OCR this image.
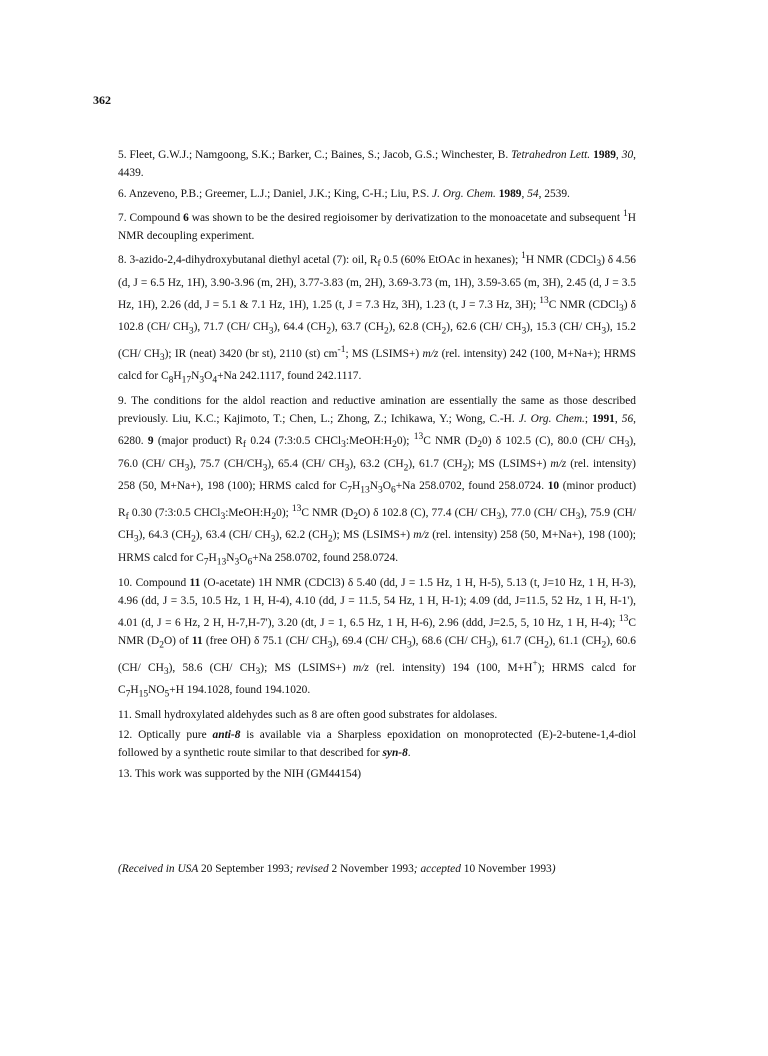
362

5. Fleet, G.W.J.; Namgoong, S.K.; Barker, C.; Baines, S.; Jacob, G.S.; Winchester, B. Tetrahedron Lett. 1989, 30, 4439.

6. Anzeveno, P.B.; Greemer, L.J.; Daniel, J.K.; King, C-H.; Liu, P.S. J. Org. Chem. 1989, 54, 2539.

7. Compound 6 was shown to be the desired regioisomer by derivatization to the monoacetate and subsequent $^1$H NMR decoupling experiment.

8. 3-azido-2,4-dihydroxybutanal diethyl acetal (7): oil, $R_f$ 0.5 (60% EtOAc in hexanes); $^1$H NMR (CDCl$_3$) δ 4.56 (d, J = 6.5 Hz, 1H), 3.90-3.96 (m, 2H), 3.77-3.83 (m, 2H), 3.69-3.73 (m, 1H), 3.59-3.65 (m, 3H), 2.45 (d, J = 3.5 Hz, 1H), 2.26 (dd, J = 5.1 & 7.1 Hz, 1H), 1.25 (t, J = 7.3 Hz, 3H), 1.23 (t, J = 7.3 Hz, 3H); $^{13}$C NMR (CDCl$_3$) δ 102.8 (CH/ $CH_3$), 71.7 (CH/ $CH_3$), 64.4 $(CH_2)$, 63.7 $(CH_2)$, 62.8 $(CH_2)$, 62.6 (CH/ $CH_3$), 15.3 (CH/ $CH_3$), 15.2 (CH/ $CH_3$); IR (neat) 3420 (br st), 2110 (st) $cm^{-1}$; MS (LSIMS+) m/z (rel. intensity) 242 (100, M+Na+); HRMS calcd for $C_8H_{17}N_3O_4+Na$ 242.1117, found 242.1117.

9. The conditions for the aldol reaction and reductive amination are essentially the same as those described previously. Liu, K.C.; Kajimoto, T.; Chen, L.; Zhong, Z.; Ichikawa, Y.; Wong, C.-H. J. Org. Chem.; 1991, 56, 6280. 9 (major product) $R_f$ 0.24 (7:3:0.5 $CHCl_3:MeOH:H_20$); $^{13}$C NMR $(D_20)$ δ 102.5 (C), 80.0 (CH/ $CH_3$), 76.0 (CH/ $CH_3$), 75.7 $(CH/CH_3)$, 65.4 (CH/ $CH_3$), 63.2 $(CH_2)$, 61.7 $(CH_2)$; MS (LSIMS+) m/z (rel. intensity) 258 (50, M+Na+), 198 (100); HRMS calcd for $C_7H_{13}N_3O_6+Na$ 258.0702, found 258.0724. 10 (minor product) $R_f$ 0.30 (7:3:0.5 $CHCl_3:MeOH:H_20$); $^{13}$C NMR $(D_2O)$ δ 102.8 (C), 77.4 (CH/ $CH_3$), 77.0 (CH/ $CH_3$), 75.9 (CH/ $CH_3$), 64.3 $(CH_2)$, 63.4 (CH/ $CH_3$), 62.2 $(CH_2)$; MS (LSIMS+) m/z (rel. intensity) 258 (50, M+Na+), 198 (100); HRMS calcd for $C_7H_{13}N_3O_6+Na$ 258.0702, found 258.0724.

10. Compound 11 (O-acetate) 1H NMR (CDCl3) δ 5.40 (dd, J = 1.5 Hz, 1 H, H-5), 5.13 (t, J=10 Hz, 1 H, H-3), 4.96 (dd, J = 3.5, 10.5 Hz, 1 H, H-4), 4.10 (dd, J = 11.5, 54 Hz, 1 H, H-1); 4.09 (dd, J=11.5, 52 Hz, 1 H, H-1'), 4.01 (d, J = 6 Hz, 2 H, H-7,H-7'), 3.20 (dt, J = 1, 6.5 Hz, 1 H, H-6), 2.96 (ddd, J=2.5, 5, 10 Hz, 1 H, H-4); $^{13}$C NMR $(D_2O)$ of 11 (free OH) δ 75.1 (CH/ $CH_3$), 69.4 (CH/ $CH_3$), 68.6 (CH/ $CH_3$), 61.7 $(CH_2)$, 61.1 $(CH_2)$, 60.6 (CH/ $CH_3$), 58.6 (CH/ $CH_3$); MS (LSIMS+) m/z (rel. intensity) 194 (100, M+H+); HRMS calcd for $C_7H_{15}NO_5+H$ 194.1028, found 194.1020.

11. Small hydroxylated aldehydes such as 8 are often good substrates for aldolases.

12. Optically pure anti-8 is available via a Sharpless epoxidation on monoprotected (E)-2-butene-1,4-diol followed by a synthetic route similar to that described for syn-8.

13. This work was supported by the NIH (GM44154)

(Received in USA 20 September 1993; revised 2 November 1993; accepted 10 November 1993)
